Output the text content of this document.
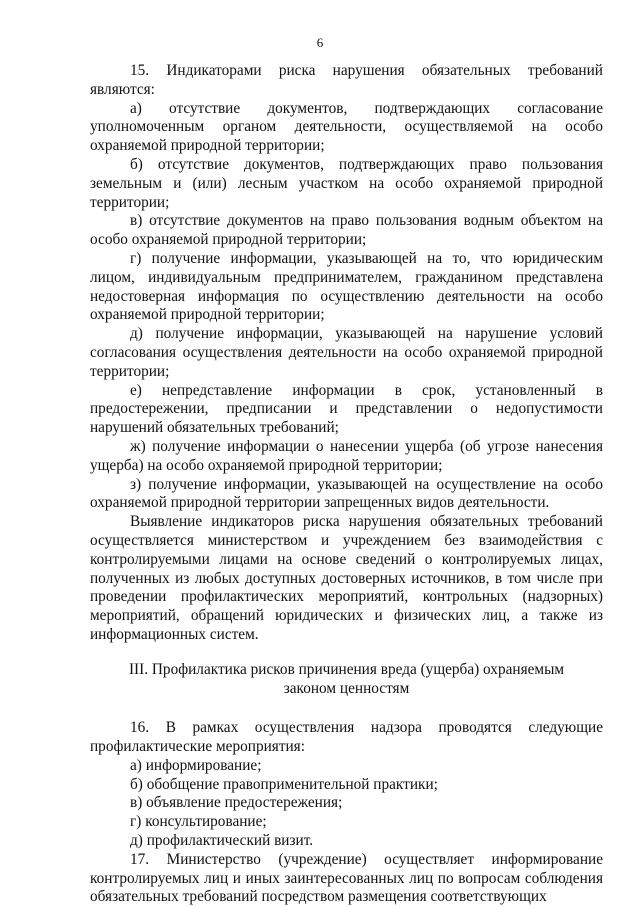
6

15. Индикаторами риска нарушения обязательных требований являются:

а) отсутствие документов, подтверждающих согласование уполномоченным органом деятельности, осуществляемой на особо охраняемой природной территории;

б) отсутствие документов, подтверждающих право пользования земельным и (или) лесным участком на особо охраняемой природной территории;

в) отсутствие документов на право пользования водным объектом на особо охраняемой природной территории;

г) получение информации, указывающей на то, что юридическим лицом, индивидуальным предпринимателем, гражданином представлена недостоверная информация по осуществлению деятельности на особо охраняемой природной территории;

д) получение информации, указывающей на нарушение условий согласования осуществления деятельности на особо охраняемой природной территории;

е) непредставление информации в срок, установленный в предостережении, предписании и представлении о недопустимости нарушений обязательных требований;

ж) получение информации о нанесении ущерба (об угрозе нанесения ущерба) на особо охраняемой природной территории;

з) получение информации, указывающей на осуществление на особо охраняемой природной территории запрещенных видов деятельности.

Выявление индикаторов риска нарушения обязательных требований осуществляется министерством и учреждением без взаимодействия с контролируемыми лицами на основе сведений о контролируемых лицах, полученных из любых доступных достоверных источников, в том числе при проведении профилактических мероприятий, контрольных (надзорных) мероприятий, обращений юридических и физических лиц, а также из информационных систем.

III. Профилактика рисков причинения вреда (ущерба) охраняемым

законом ценностям

16. В рамках осуществления надзора проводятся следующие профилактические мероприятия:

а) информирование;

б) обобщение правоприменительной практики;

в) объявление предостережения;

г) консультирование;

д) профилактический визит.

17. Министерство (учреждение) осуществляет информирование контролируемых лиц и иных заинтересованных лиц по вопросам соблюдения обязательных требований посредством размещения соответствующих
